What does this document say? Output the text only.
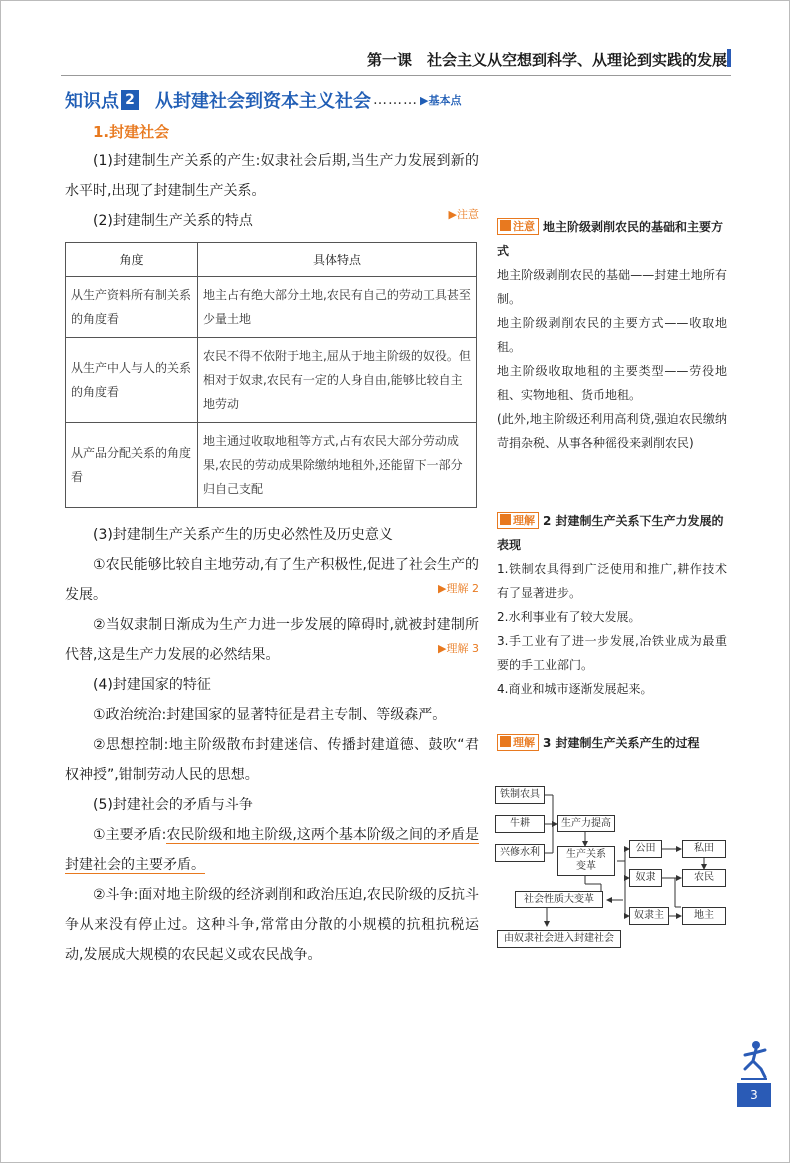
第一课　社会主义从空想到科学、从理论到实践的发展
知识点 2 从封建社会到资本主义社会 ……… ▶基本点
1.封建社会

(1)封建制生产关系的产生:奴隶社会后期,当生产力发展到新的水平时,出现了封建制生产关系。

(2)封建制生产关系的特点	▶注意
角度	具体特点
从生产资料所有制关系的角度看	地主占有绝大部分土地,农民有自己的劳动工具甚至少量土地
从生产中人与人的关系的角度看	农民不得不依附于地主,屈从于地主阶级的奴役。但相对于奴隶,农民有一定的人身自由,能够比较自主地劳动
从产品分配关系的角度看	地主通过收取地租等方式,占有农民大部分劳动成果,农民的劳动成果除缴纳地租外,还能留下一部分归自己支配
(3)封建制生产关系产生的历史必然性及历史意义
①农民能够比较自主地劳动,有了生产积极性,促进了社会生产的发展。	▶理解 2
②当奴隶制日渐成为生产力进一步发展的障碍时,就被封建制所代替,这是生产力发展的必然结果。	▶理解 3
(4)封建国家的特征

①政治统治:封建国家的显著特征是君主专制、等级森严。

②思想控制:地主阶级散布封建迷信、传播封建道德、鼓吹“君权神授”,钳制劳动人民的思想。

(5)封建社会的矛盾与斗争

①主要矛盾:农民阶级和地主阶级,这两个基本阶级之间的矛盾是封建社会的主要矛盾。

②斗争:面对地主阶级的经济剥削和政治压迫,农民阶级的反抗斗争从来没有停止过。这种斗争,常常由分散的小规模的抗租抗税运动,发展成大规模的农民起义或农民战争。

注意 地主阶级剥削农民的基础和主要方式

地主阶级剥削农民的基础——封建土地所有制。

地主阶级剥削农民的主要方式——收取地租。

地主阶级收取地租的主要类型——劳役地租、实物地租、货币地租。

(此外,地主阶级还利用高利贷,强迫农民缴纳苛捐杂税、从事各种徭役来剥削农民)

理解 2 封建制生产关系下生产力发展的表现

1.铁制农具得到广泛使用和推广,耕作技术有了显著进步。

2.水利事业有了较大发展。

3.手工业有了进一步发展,冶铁业成为最重要的手工业部门。

4.商业和城市逐渐发展起来。

理解 3 封建制生产关系产生的过程
铁制农具
牛耕
兴修水利
生产力提高
生产关系变革
公田	私田
奴隶	农民
奴隶主	地主
社会性质大变革
由奴隶社会进入封建社会
3
